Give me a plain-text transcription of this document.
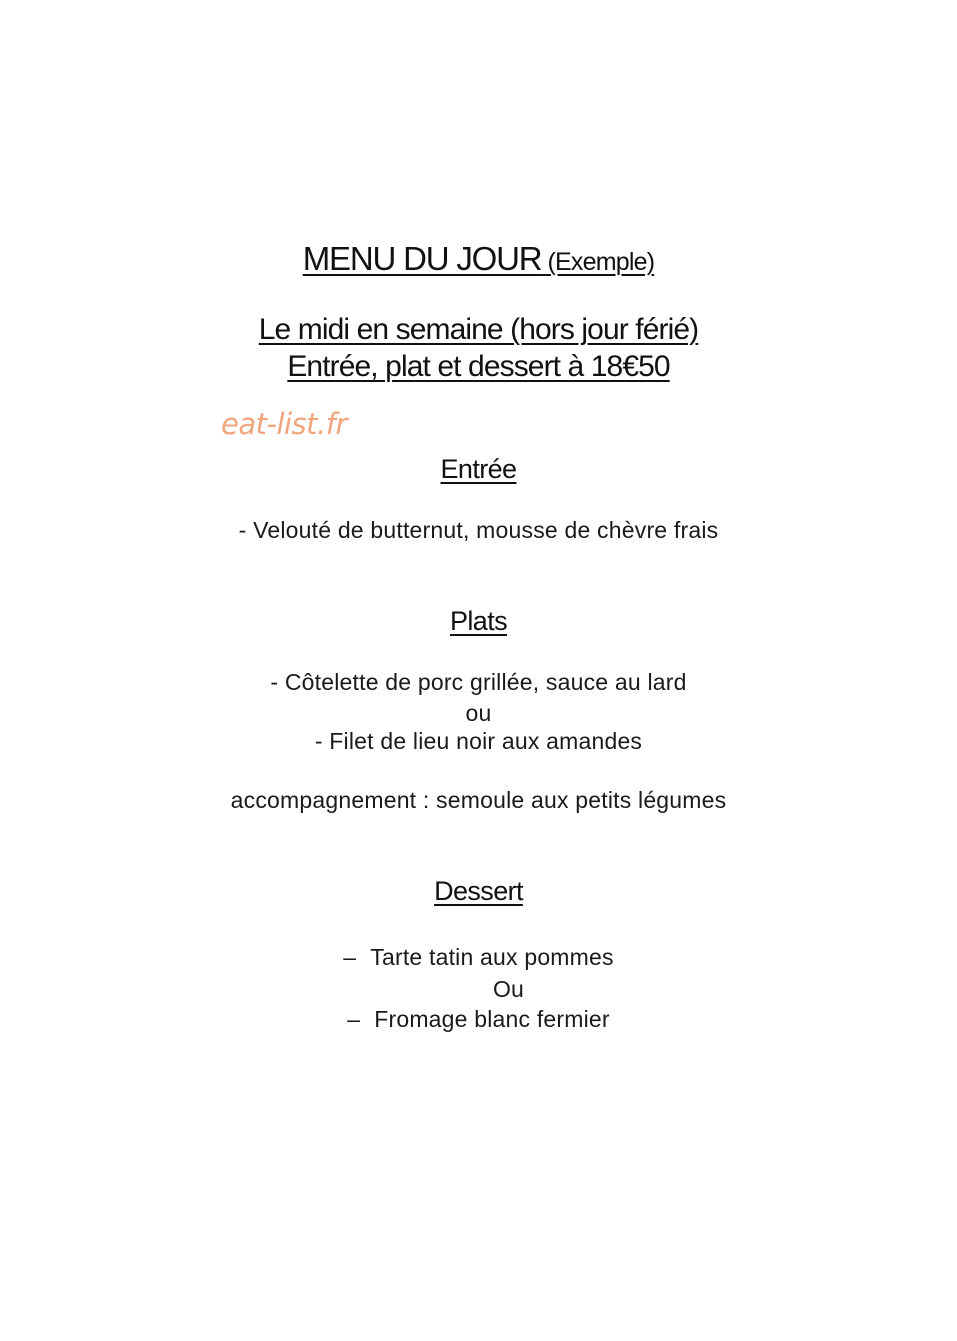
MENU DU JOUR (Exemple)
Le midi en semaine (hors jour férié)
Entrée, plat et dessert à 18€50
eat-list.fr
Entrée
- Velouté de butternut, mousse de chèvre frais
Plats
- Côtelette de porc grillée, sauce au lard
ou
- Filet de lieu noir aux amandes
accompagnement : semoule aux petits légumes
Dessert
– Tarte tatin aux pommes
Ou
– Fromage blanc fermier
